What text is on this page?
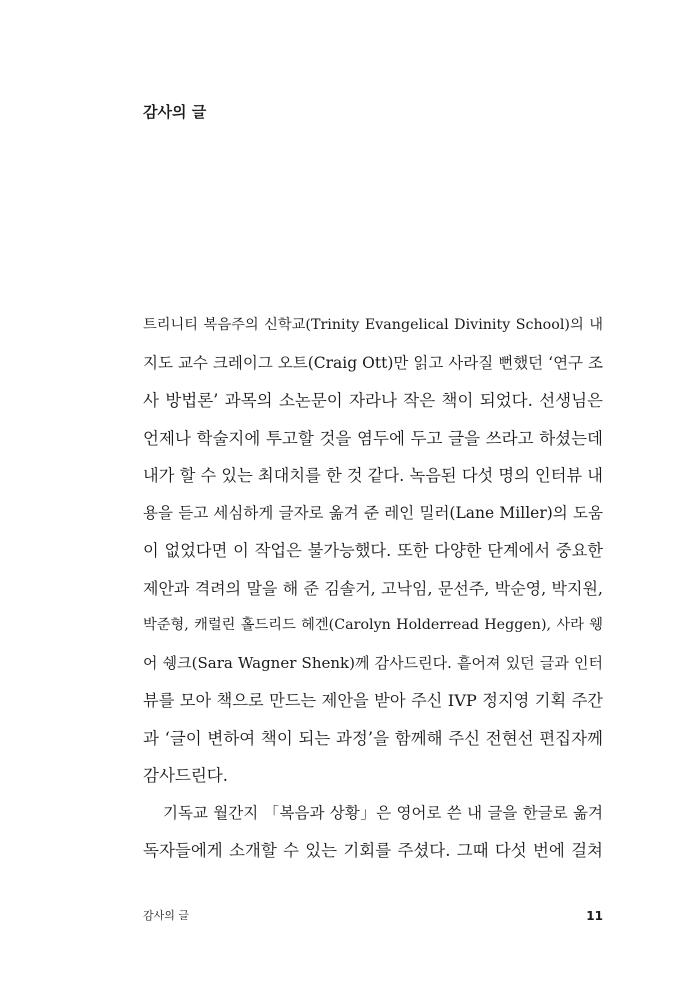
감사의 글
트리니티 복음주의 신학교(Trinity Evangelical Divinity School)의 내
지도 교수 크레이그 오트(Craig Ott)만 읽고 사라질 뻔했던 ‘연구 조
사 방법론’ 과목의 소논문이 자라나 작은 책이 되었다. 선생님은
언제나 학술지에 투고할 것을 염두에 두고 글을 쓰라고 하셨는데
내가 할 수 있는 최대치를 한 것 같다. 녹음된 다섯 명의 인터뷰 내
용을 듣고 세심하게 글자로 옮겨 준 레인 밀러(Lane Miller)의 도움
이 없었다면 이 작업은 불가능했다. 또한 다양한 단계에서 중요한
제안과 격려의 말을 해 준 김솔거, 고낙임, 문선주, 박순영, 박지원,
박준형, 캐럴린 홀드리드 헤겐(Carolyn Holderread Heggen), 사라 웽
어 쉥크(Sara Wagner Shenk)께 감사드린다. 흩어져 있던 글과 인터
뷰를 모아 책으로 만드는 제안을 받아 주신 IVP 정지영 기획 주간
과 ‘글이 변하여 책이 되는 과정’을 함께해 주신 전현선 편집자께
감사드린다.
기독교 월간지 「복음과 상황」은 영어로 쓴 내 글을 한글로 옮겨
독자들에게 소개할 수 있는 기회를 주셨다. 그때 다섯 번에 걸쳐
감사의 글	11
